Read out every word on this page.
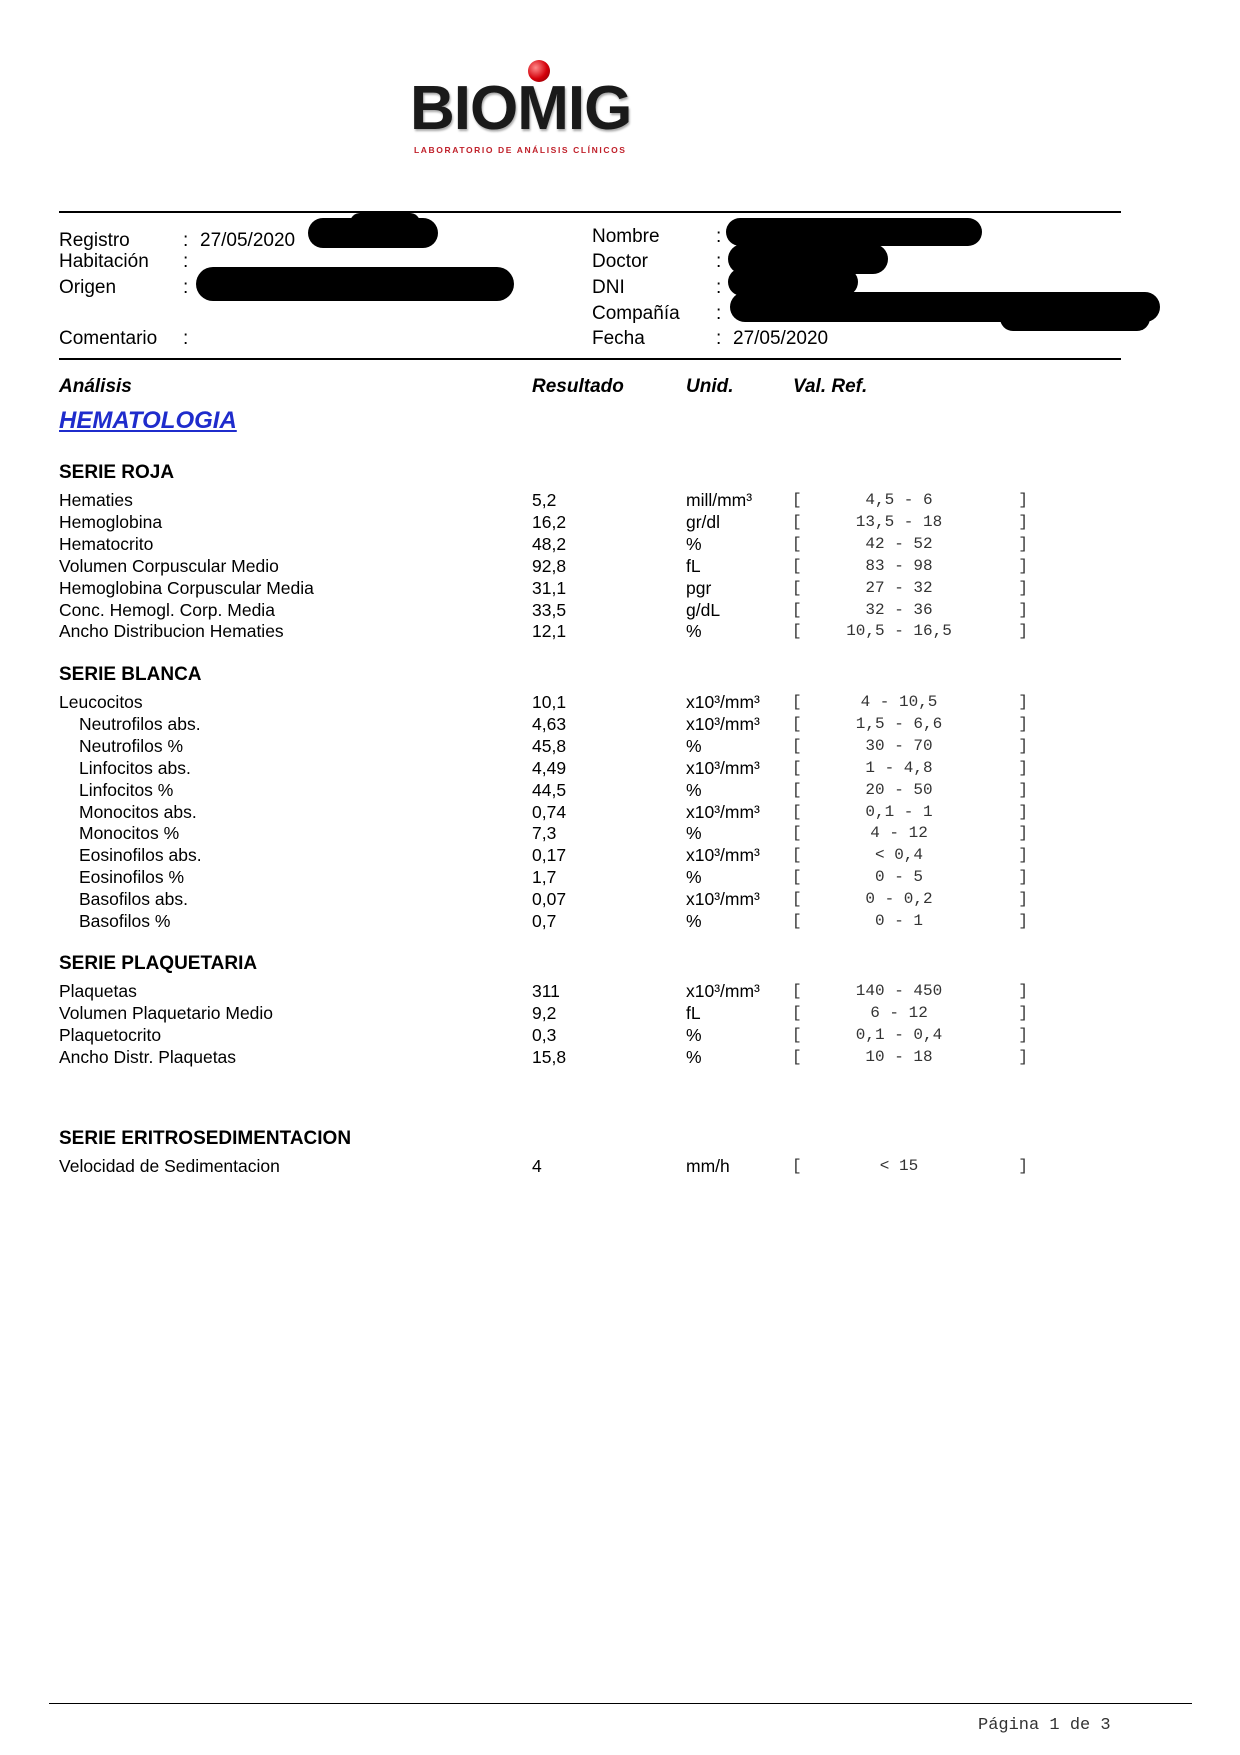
BIOMIG
LABORATORIO DE ANÁLISIS CLÍNICOS
Registro	: 27/05/2020
Habitación :
Origen	:
Comentario :
Nombre	:
Doctor	:
DNI	:
Compañía :
Fecha	: 27/05/2020
Análisis	Resultado	Unid.	Val. Ref.
HEMATOLOGIA
SERIE ROJA
Hematies	5,2	mill/mm³ [	4,5 - 6	]
Hemoglobina	16,2	gr/dl	[	13,5 - 18	]
Hematocrito	48,2	%	[	42 - 52	]
Volumen Corpuscular Medio	92,8	fL	[	83 - 98	]
Hemoglobina Corpuscular Media	31,1	pgr	[	27 - 32	]
Conc. Hemogl. Corp. Media	33,5	g/dL	[	32 - 36	]
Ancho Distribucion Hematies	12,1	%	[	10,5 - 16,5	]
SERIE BLANCA
Leucocitos	10,1	x10³/mm³ [	4 - 10,5	]
Neutrofilos abs.	4,63	x10³/mm³ [	1,5 - 6,6	]
Neutrofilos %	45,8	%	[	30 - 70	]
Linfocitos abs.	4,49	x10³/mm³ [	1 - 4,8	]
Linfocitos %	44,5	%	[	20 - 50	]
Monocitos abs.	0,74	x10³/mm³ [	0,1 - 1	]
Monocitos %	7,3	%	[	4 - 12	]
Eosinofilos abs.	0,17	x10³/mm³ [	< 0,4	]
Eosinofilos %	1,7	%	[	0 - 5	]
Basofilos abs.	0,07	x10³/mm³ [	0 - 0,2	]
Basofilos %	0,7	%	[	0 - 1	]
SERIE PLAQUETARIA
Plaquetas	311	x10³/mm³ [	140 - 450	]
Volumen Plaquetario Medio	9,2	fL	[	6 - 12	]
Plaquetocrito	0,3	%	[	0,1 - 0,4	]
Ancho Distr. Plaquetas	15,8	%	[	10 - 18	]
SERIE ERITROSEDIMENTACION
Velocidad de Sedimentacion	4	mm/h	[	< 15	]
Página 1 de 3
